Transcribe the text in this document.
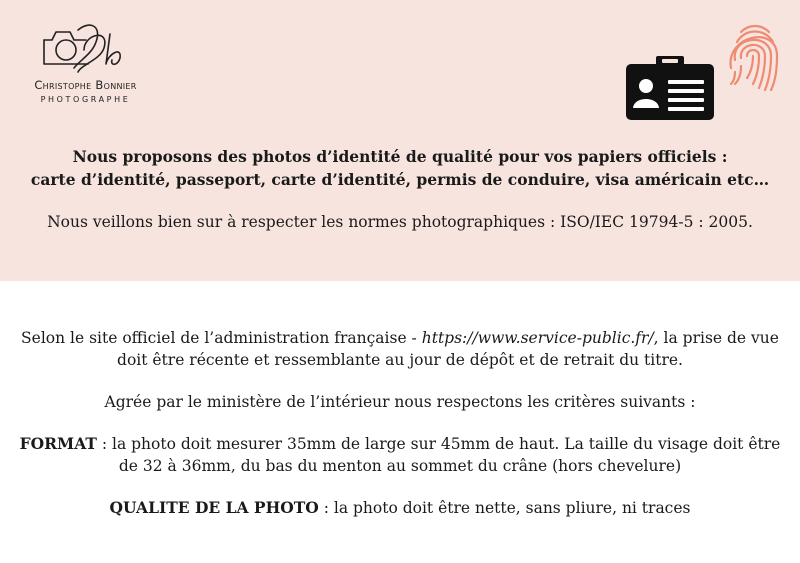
Christophe Bonnier
PHOTOGRAPHE

Nous proposons des photos d’identité de qualité pour vos papiers officiels :

carte d’identité, passeport, carte d’identité, permis de conduire, visa américain etc…

Nous veillons bien sur à respecter les normes photographiques : ISO/IEC 19794-5 : 2005.

Selon le site officiel de l’administration française - https://www.service-public.fr/, la prise de vue doit être récente et ressemblante au jour de dépôt et de retrait du titre.

Agrée par le ministère de l’intérieur nous respectons les critères suivants :

FORMAT : la photo doit mesurer 35mm de large sur 45mm de haut. La taille du visage doit être de 32 à 36mm, du bas du menton au sommet du crâne (hors chevelure)

QUALITE DE LA PHOTO : la photo doit être nette, sans pliure, ni traces
